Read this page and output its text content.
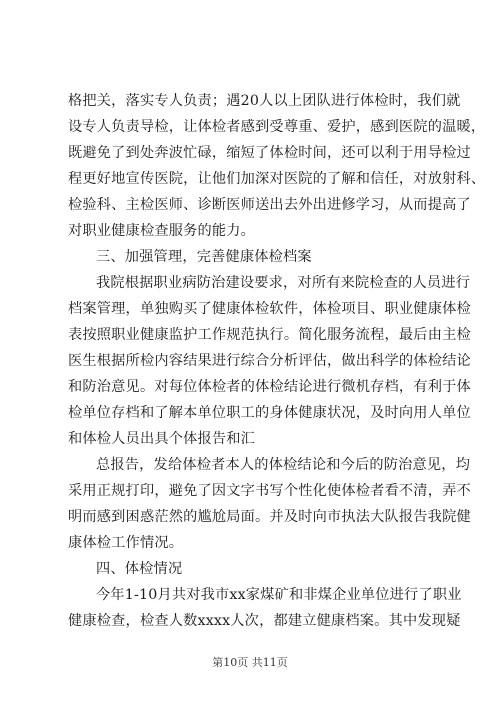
格把关，落实专人负责；遇20人以上团队进行体检时，我们就
设专人负责导检，让体检者感到受尊重、爱护，感到医院的温暖，
既避免了到处奔波忙碌，缩短了体检时间，还可以利于用导检过
程更好地宣传医院，让他们加深对医院的了解和信任，对放射科、
检验科、主检医师、诊断医师送出去外出进修学习，从而提高了
对职业健康检查服务的能力。
三、加强管理，完善健康体检档案
我院根据职业病防治建设要求，对所有来院检查的人员进行
档案管理，单独购买了健康体检软件，体检项目、职业健康体检
表按照职业健康监护工作规范执行。简化服务流程，最后由主检
医生根据所检内容结果进行综合分析评估，做出科学的体检结论
和防治意见。对每位体检者的体检结论进行微机存档，有利于体
检单位存档和了解本单位职工的身体健康状况，及时向用人单位
和体检人员出具个体报告和汇
总报告，发给体检者本人的体检结论和今后的防治意见，均
采用正规打印，避免了因文字书写个性化使体检者看不清，弄不
明而感到困惑茫然的尴尬局面。并及时向市执法大队报告我院健
康体检工作情况。
四、体检情况
今年1-10月共对我市xx家煤矿和非煤企业单位进行了职业
健康检查，检查人数xxxx人次，都建立健康档案。其中发现疑
第10页 共11页
